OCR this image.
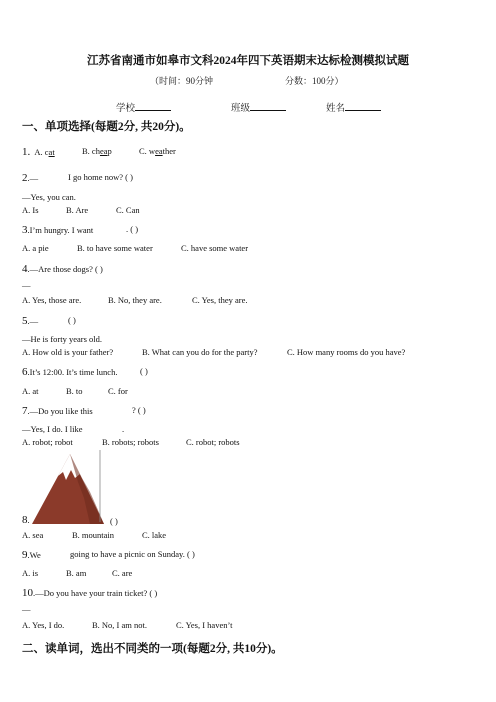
江苏省南通市如皋市文科2024年四下英语期末达标检测模拟试题
（时间：90分钟	分数：100分）
学校	班级	姓名
一、单项选择(每题2分, 共20分)。
1. A. cat	B. cheap	C. weather
2.—	I go home now? ( )
—Yes, you can.
A. Is	B. Are	C. Can
3.I’m hungry. I want	. ( )
A. a pie	B. to have some water	C. have some water
4.—Are those dogs? ( )
—
A. Yes, those are.	B. No, they are.	C. Yes, they are.
5.—	( )
—He is forty years old.
A. How old is your father?	B. What can you do for the party?	C. How many rooms do you have?
6.It’s 12:00. It’s time lunch.	( )
A. at	B. to	C. for
7.—Do you like this	? ( )
—Yes, I do. I like	.
A. robot; robot	B. robots; robots	C. robot; robots
8.	( )
A. sea	B. mountain	C. lake
9.We	going to have a picnic on Sunday. ( )
A. is	B. am	C. are
10.—Do you have your train ticket? ( )
—
A. Yes, I do.	B. No, I am not.	C. Yes, I haven’t
二、读单词，选出不同类的一项(每题2分, 共10分)。
